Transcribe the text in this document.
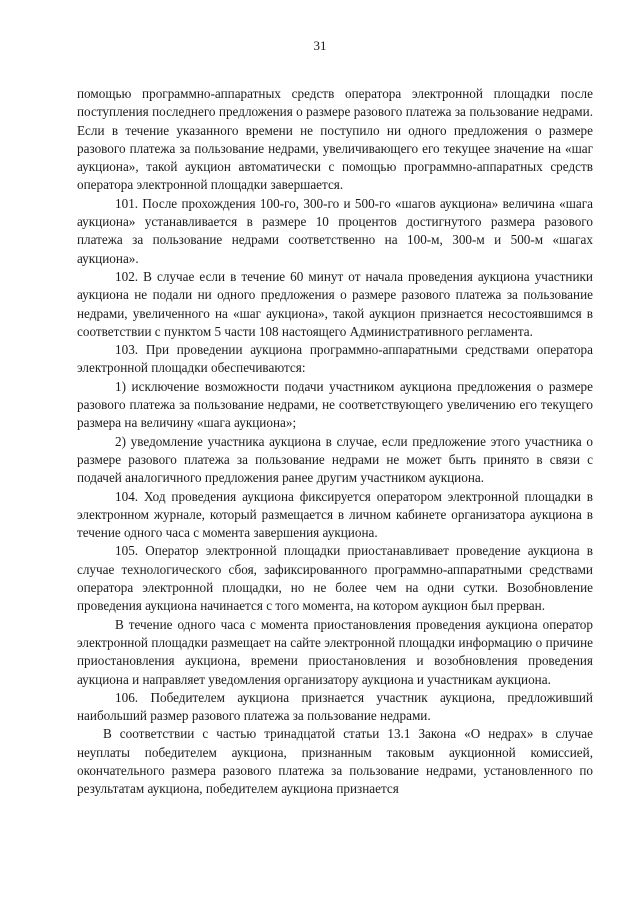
31

помощью программно-аппаратных средств оператора электронной площадки после поступления последнего предложения о размере разового платежа за пользование недрами. Если в течение указанного времени не поступило ни одного предложения о размере разового платежа за пользование недрами, увеличивающего его текущее значение на «шаг аукциона», такой аукцион автоматически с помощью программно-аппаратных средств оператора электронной площадки завершается.

101. После прохождения 100-го, 300-го и 500-го «шагов аукциона» величина «шага аукциона» устанавливается в размере 10 процентов достигнутого размера разового платежа за пользование недрами соответственно на 100-м, 300-м и 500-м «шагах аукциона».

102. В случае если в течение 60 минут от начала проведения аукциона участники аукциона не подали ни одного предложения о размере разового платежа за пользование недрами, увеличенного на «шаг аукциона», такой аукцион признается несостоявшимся в соответствии с пунктом 5 части 108 настоящего Административного регламента.

103. При проведении аукциона программно-аппаратными средствами оператора электронной площадки обеспечиваются:

1) исключение возможности подачи участником аукциона предложения о размере разового платежа за пользование недрами, не соответствующего увеличению его текущего размера на величину «шага аукциона»;

2) уведомление участника аукциона в случае, если предложение этого участника о размере разового платежа за пользование недрами не может быть принято в связи с подачей аналогичного предложения ранее другим участником аукциона.

104. Ход проведения аукциона фиксируется оператором электронной площадки в электронном журнале, который размещается в личном кабинете организатора аукциона в течение одного часа с момента завершения аукциона.

105. Оператор электронной площадки приостанавливает проведение аукциона в случае технологического сбоя, зафиксированного программно-аппаратными средствами оператора электронной площадки, но не более чем на одни сутки. Возобновление проведения аукциона начинается с того момента, на котором аукцион был прерван.

В течение одного часа с момента приостановления проведения аукциона оператор электронной площадки размещает на сайте электронной площадки информацию о причине приостановления аукциона, времени приостановления и возобновления проведения аукциона и направляет уведомления организатору аукциона и участникам аукциона.

106. Победителем аукциона признается участник аукциона, предложивший наибольший размер разового платежа за пользование недрами.

В соответствии с частью тринадцатой статьи 13.1 Закона «О недрах» в случае неуплаты победителем аукциона, признанным таковым аукционной комиссией, окончательного размера разового платежа за пользование недрами, установленного по результатам аукциона, победителем аукциона признается
